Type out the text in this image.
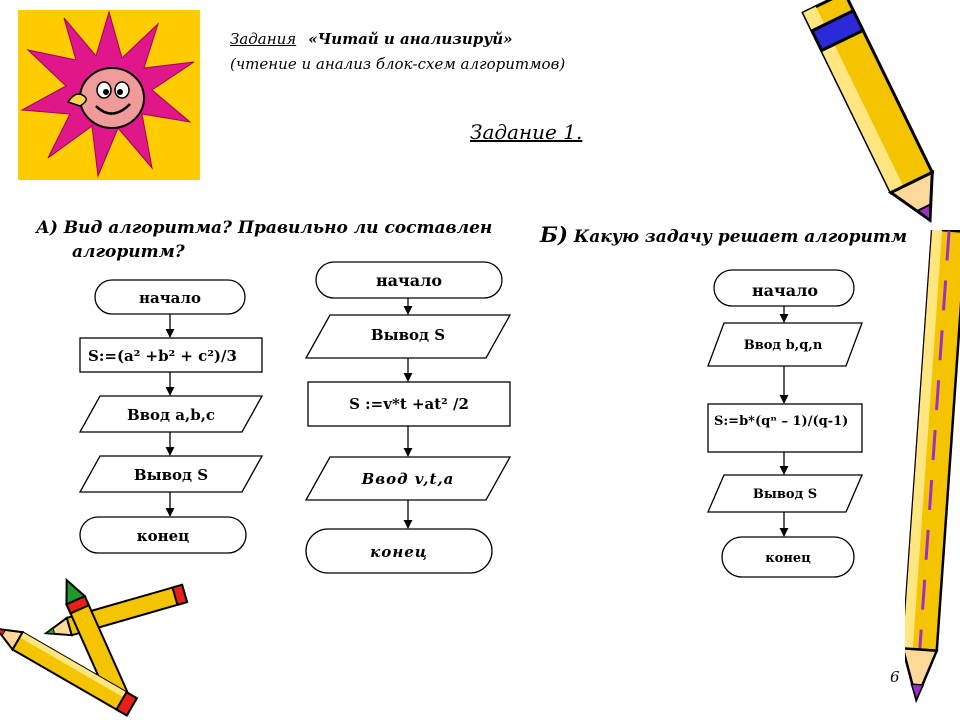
Задания «Читай и анализируй»
(чтение и анализ блок-схем алгоритмов)
Задание 1.
А) Вид алгоритма? Правильно ли составлен
алгоритм?
Б) Какую задачу решает алгоритм
начало
S:=(a² +b² + c²)/3
Ввод a,b,c
Вывод S
конец
начало
Вывод S
S :=v*t +at² /2
Ввод v,t,a
конец
начало
Ввод b,q,n
S:=b*(qⁿ – 1)/(q-1)
Вывод S
конец
6
